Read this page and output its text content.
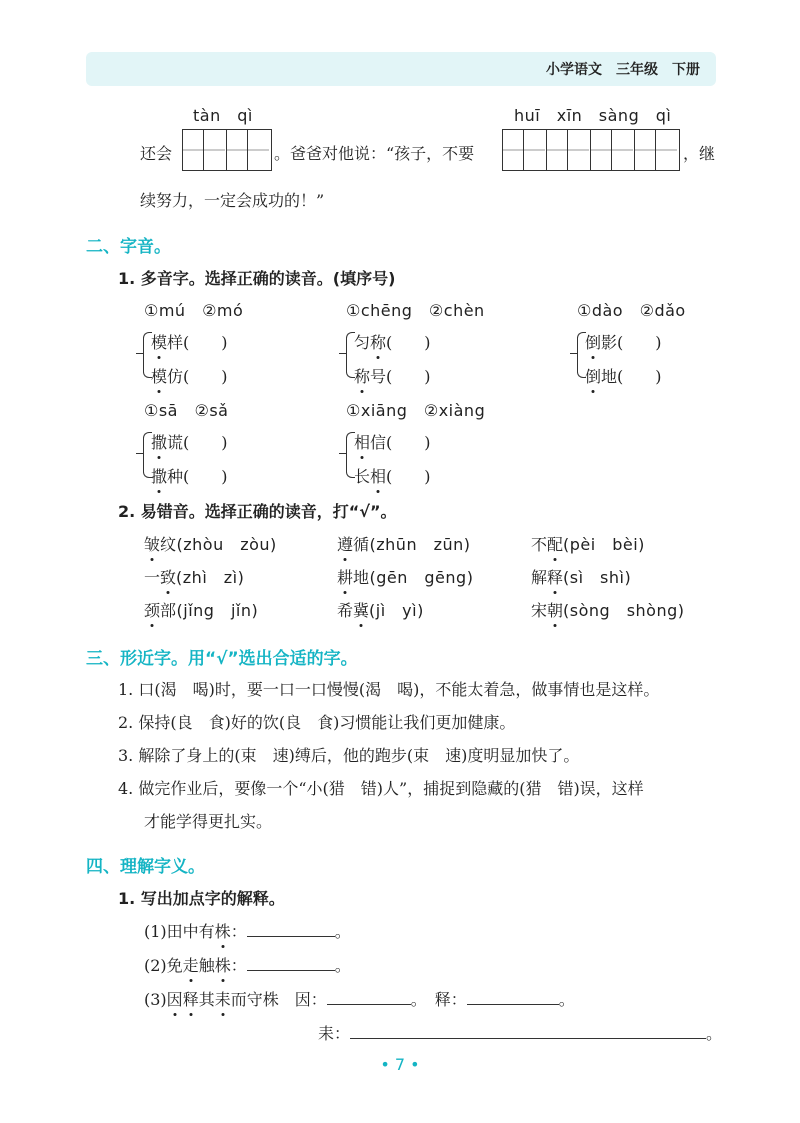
小学语文　三年级　下册
tàn　qì	huī　xīn　sàng　qì
还会	。爸爸对他说：“孩子，不要	，继
续努力，一定会成功的！”
二、字音。
1. 多音字。选择正确的读音。(填序号)
①mú　②mó
模样(　　)
模仿(　　)
①chēng　②chèn
匀称(　　)
称号(　　)
①dào　②dǎo
倒影(　　)
倒地(　　)
①sā　②sǎ
撒谎(　　)
撒种(　　)
①xiāng　②xiàng
相信(　　)
长相(　　)
2. 易错音。选择正确的读音，打“√”。
皱纹(zhòu　zòu)	遵循(zhūn　zūn)	不配(pèi　bèi)
一致(zhì　zì)	耕地(gēn　gēng)	解释(sì　shì)
颈部(jǐng　jǐn)	希冀(jì　yì)	宋朝(sòng　shòng)
三、形近字。用“√”选出合适的字。
1. 口(渴　喝)时，要一口一口慢慢(渴　喝)，不能太着急，做事情也是这样。
2. 保持(良　食)好的饮(良　食)习惯能让我们更加健康。
3. 解除了身上的(束　速)缚后，他的跑步(束　速)度明显加快了。
4. 做完作业后，要像一个“小(猎　错)人”，捕捉到隐藏的(猎　错)误，这样
才能学得更扎实。
四、理解字义。
1. 写出加点字的解释。
(1)田中有株：	。
(2)免走触株：	。
(3)因释其耒而守株　因：	。　释：	。
耒：	。
• 7 •
